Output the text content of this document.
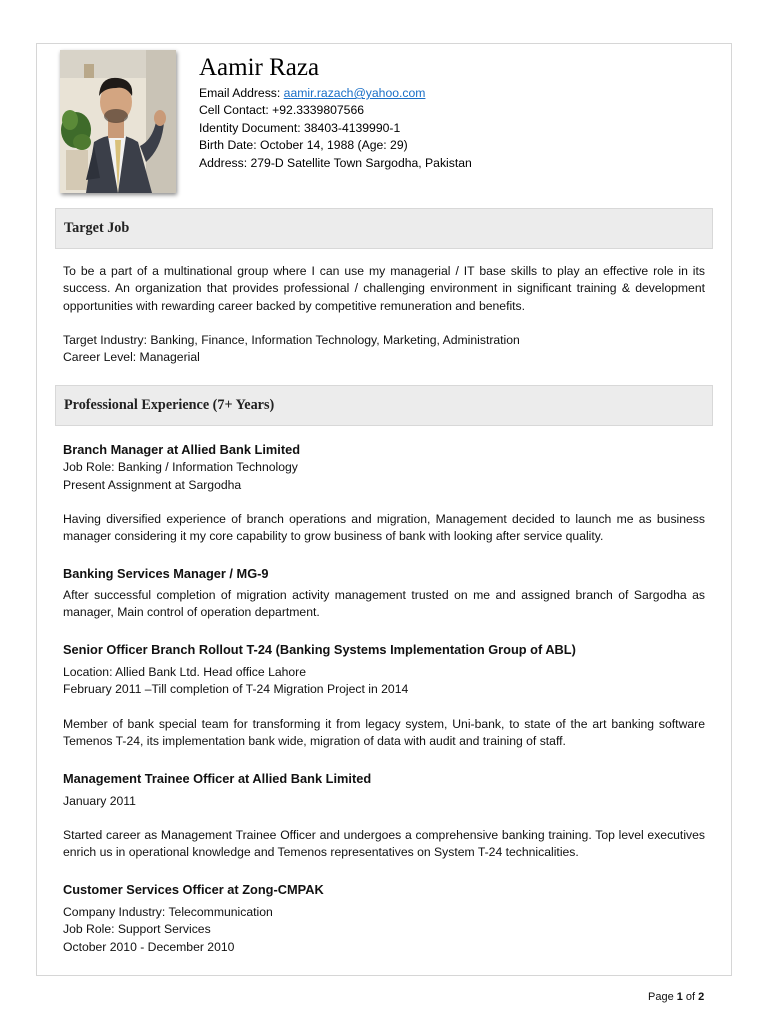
Aamir Raza
Email Address: aamir.razach@yahoo.com
Cell Contact: +92.3339807566
Identity Document: 38403-4139990-1
Birth Date: October 14, 1988 (Age: 29)
Address: 279-D Satellite Town Sargodha, Pakistan
Target Job

To be a part of a multinational group where I can use my managerial / IT base skills to play an effective role in its success. An organization that provides professional / challenging environment in significant training & development opportunities with rewarding career backed by competitive remuneration and benefits.

Target Industry: Banking, Finance, Information Technology, Marketing, Administration

Career Level: Managerial

Professional Experience (7+ Years)
Branch Manager at Allied Bank Limited

Job Role: Banking / Information Technology

Present Assignment at Sargodha

Having diversified experience of branch operations and migration, Management decided to launch me as business manager considering it my core capability to grow business of bank with looking after service quality.

Banking Services Manager / MG-9

After successful completion of migration activity management trusted on me and assigned branch of Sargodha as manager, Main control of operation department.

Senior Officer Branch Rollout T-24 (Banking Systems Implementation Group of ABL)

Location: Allied Bank Ltd. Head office Lahore

February 2011 –Till completion of T-24 Migration Project in 2014

Member of bank special team for transforming it from legacy system, Uni-bank, to state of the art banking software Temenos T-24, its implementation bank wide, migration of data with audit and training of staff.

Management Trainee Officer at Allied Bank Limited

January 2011

Started career as Management Trainee Officer and undergoes a comprehensive banking training. Top level executives enrich us in operational knowledge and Temenos representatives on System T-24 technicalities.

Customer Services Officer at Zong-CMPAK

Company Industry: Telecommunication

Job Role: Support Services

October 2010 - December 2010

Page 1 of 2
